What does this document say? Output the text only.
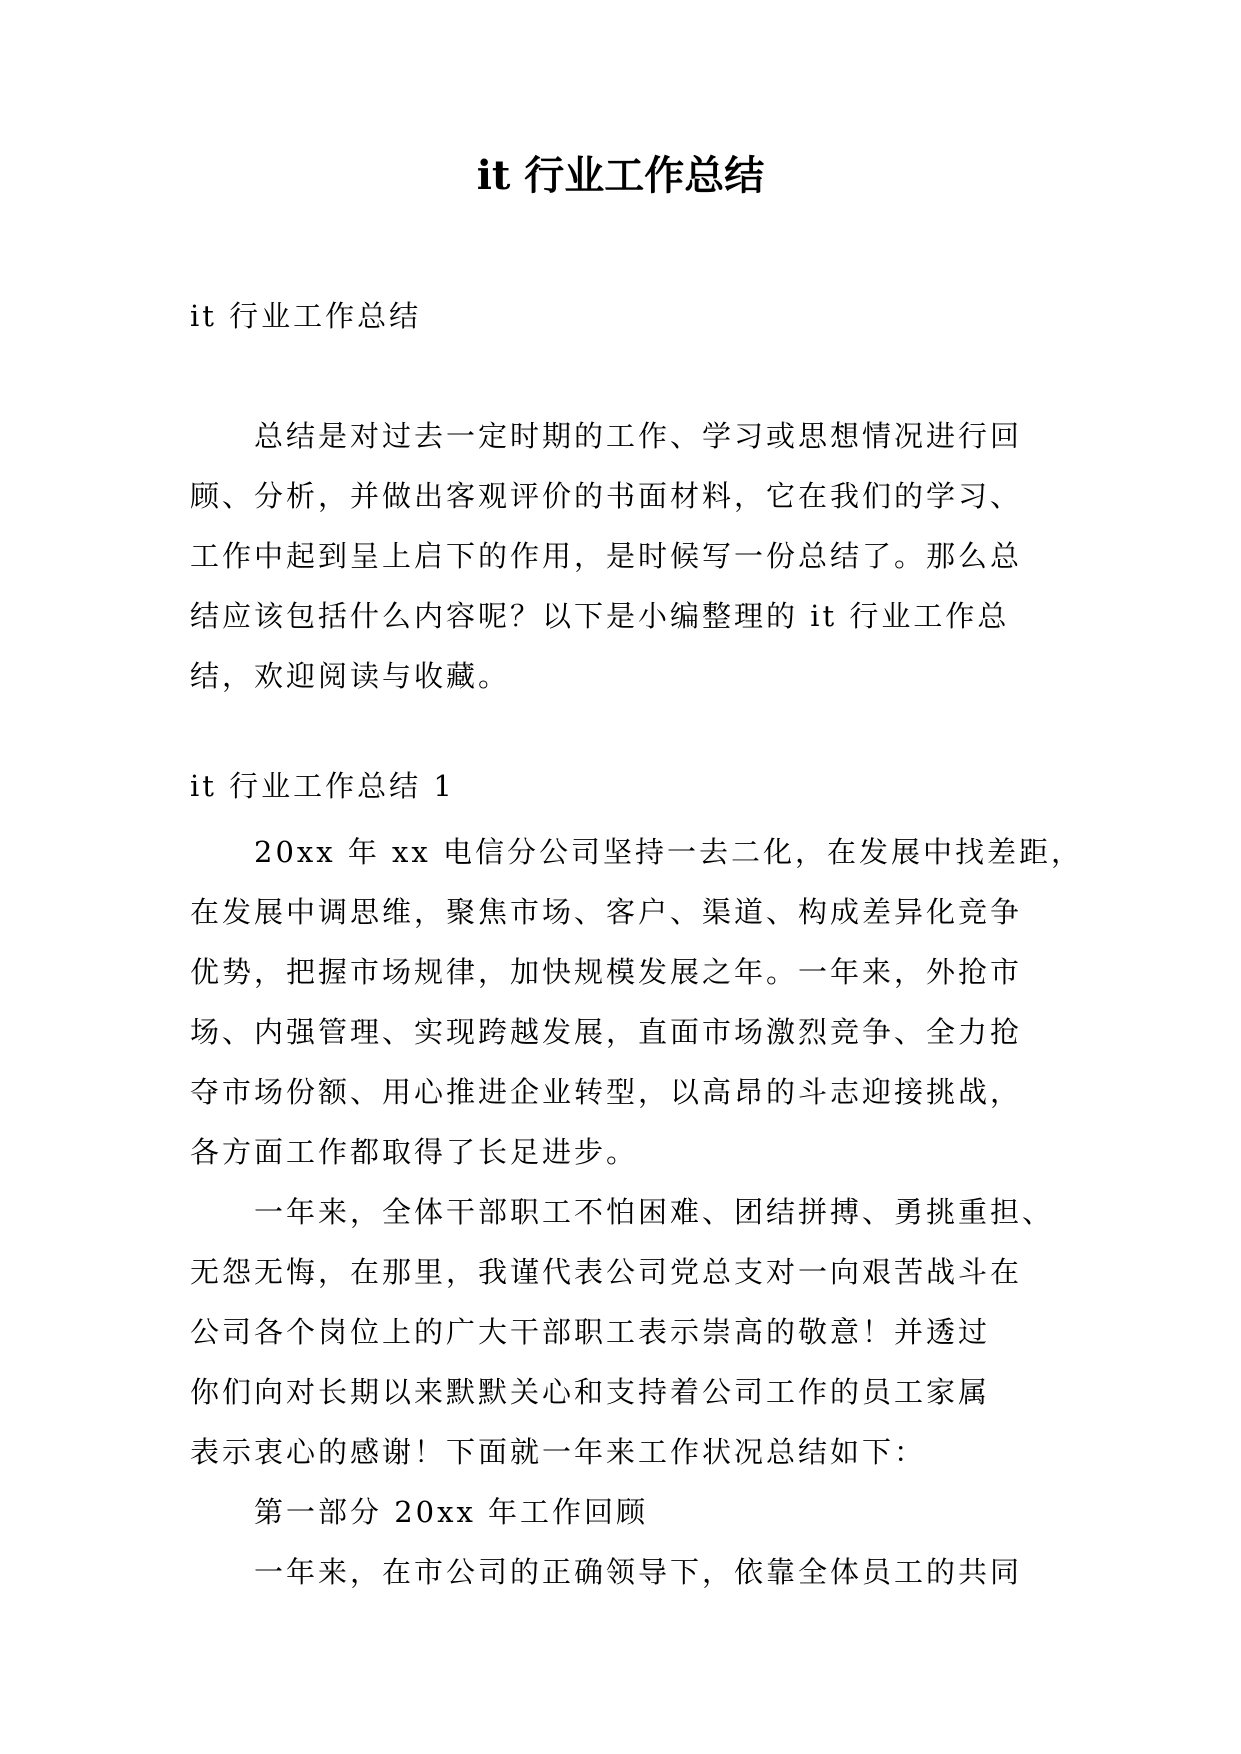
it 行业工作总结
it 行业工作总结
总结是对过去一定时期的工作、学习或思想情况进行回
顾、分析，并做出客观评价的书面材料，它在我们的学习、
工作中起到呈上启下的作用，是时候写一份总结了。那么总
结应该包括什么内容呢？以下是小编整理的 it 行业工作总
结，欢迎阅读与收藏。
it 行业工作总结 1
20xx 年 xx 电信分公司坚持一去二化，在发展中找差距，
在发展中调思维，聚焦市场、客户、渠道、构成差异化竞争
优势，把握市场规律，加快规模发展之年。一年来，外抢市
场、内强管理、实现跨越发展，直面市场激烈竞争、全力抢
夺市场份额、用心推进企业转型，以高昂的斗志迎接挑战，
各方面工作都取得了长足进步。
一年来，全体干部职工不怕困难、团结拼搏、勇挑重担、
无怨无悔，在那里，我谨代表公司党总支对一向艰苦战斗在
公司各个岗位上的广大干部职工表示崇高的敬意！并透过
你们向对长期以来默默关心和支持着公司工作的员工家属
表示衷心的感谢！下面就一年来工作状况总结如下：
第一部分 20xx 年工作回顾
一年来，在市公司的正确领导下，依靠全体员工的共同
